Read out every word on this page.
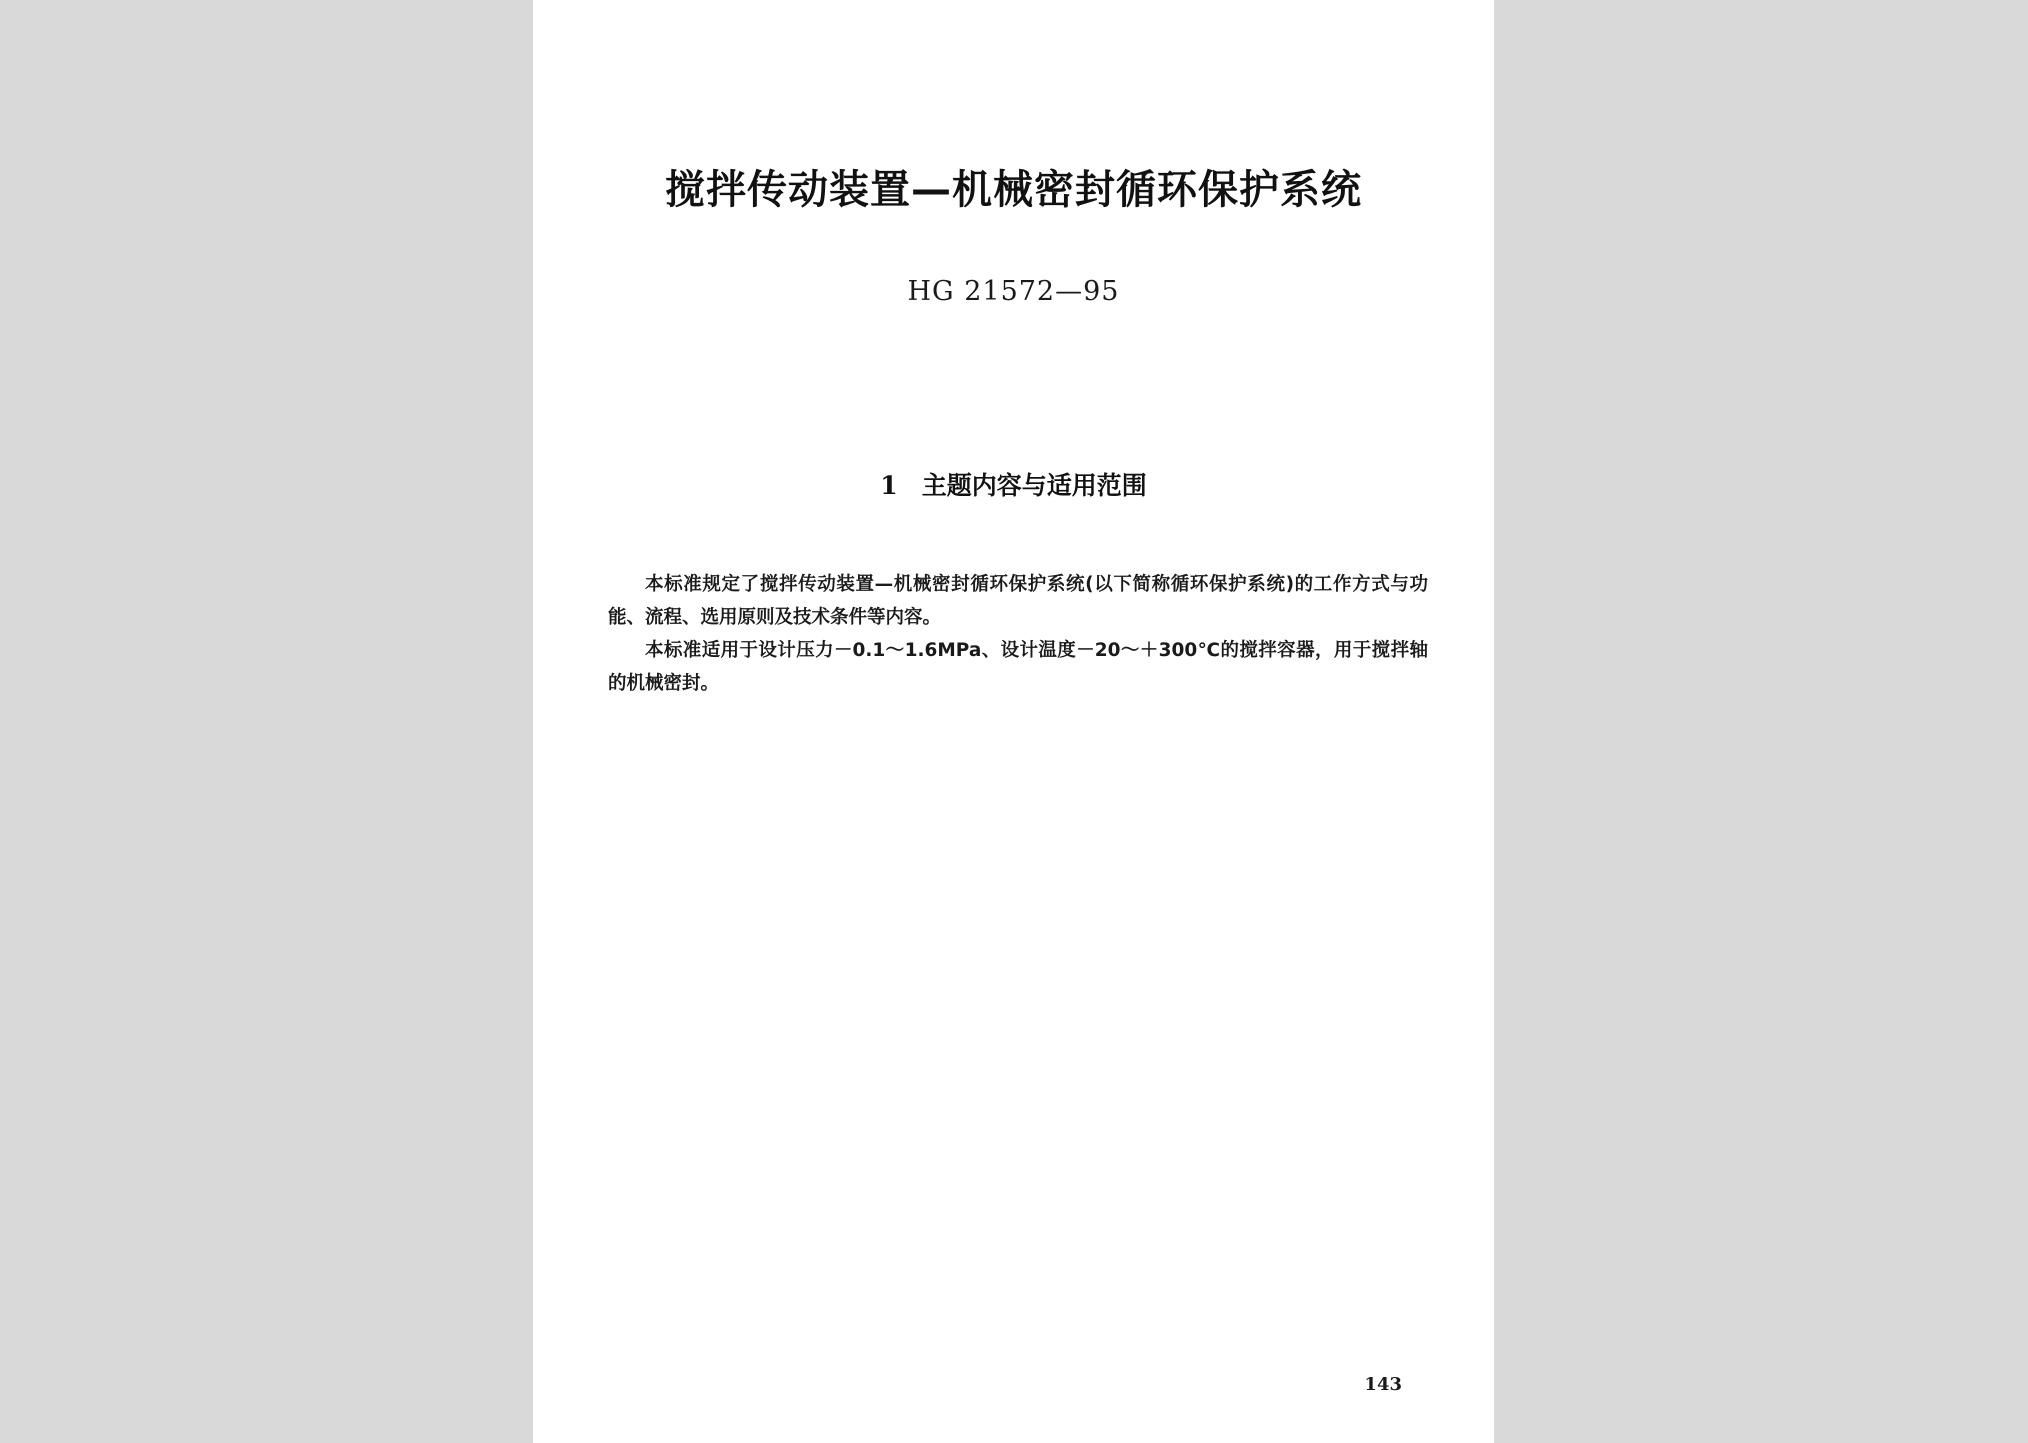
搅拌传动装置—机械密封循环保护系统
HG 21572—95
1 主题内容与适用范围

本标准规定了搅拌传动装置—机械密封循环保护系统(以下简称循环保护系统)的工作方式与功能、流程、选用原则及技术条件等内容。

本标准适用于设计压力－0.1～1.6MPa、设计温度－20～＋300℃的搅拌容器，用于搅拌轴的机械密封。

143
